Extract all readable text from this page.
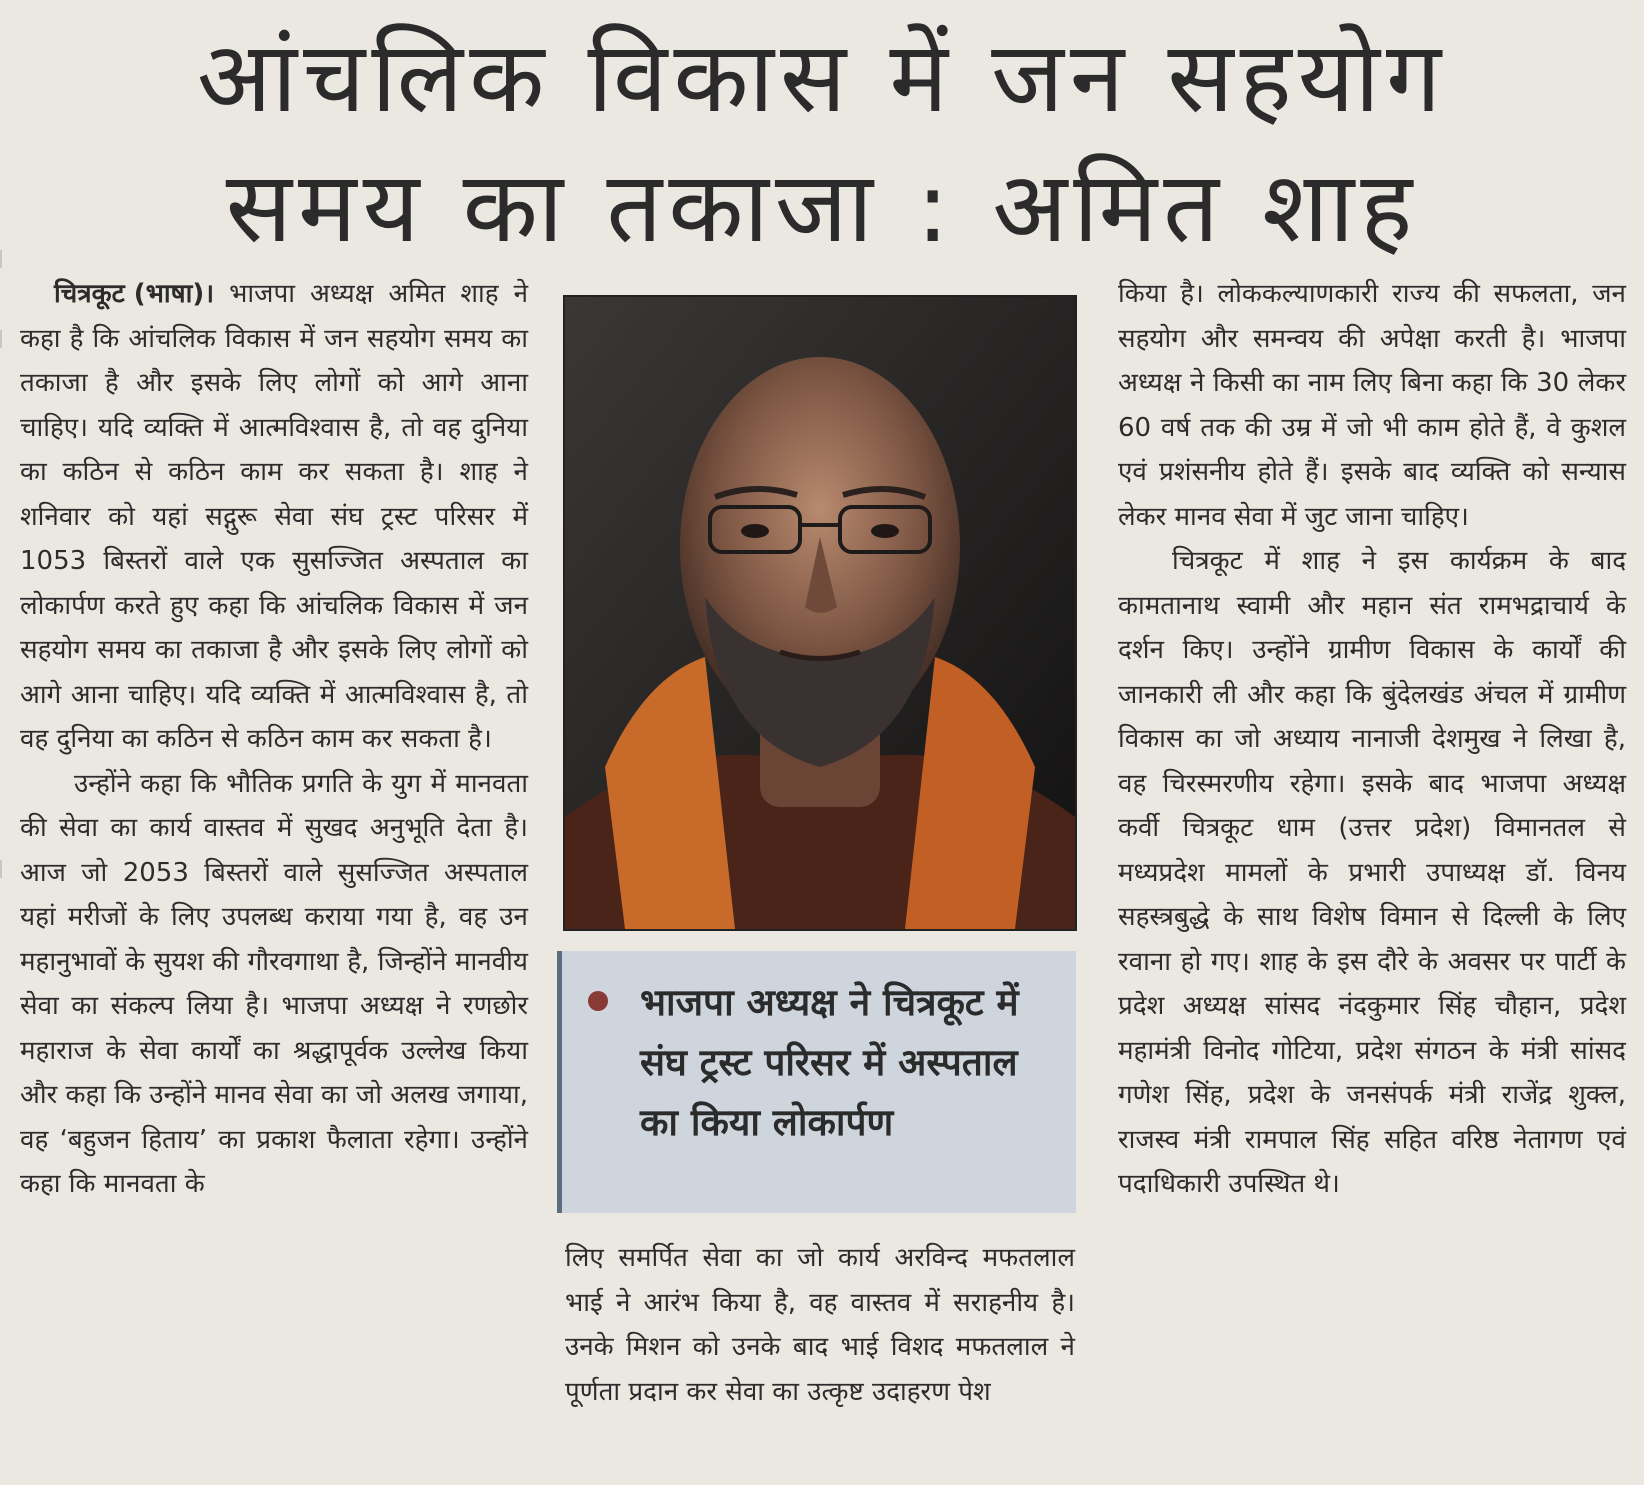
आंचलिक विकास में जन सहयोग
समय का तकाजा : अमित शाह

चित्रकूट (भाषा)। भाजपा अध्यक्ष अमित शाह ने कहा है कि आंचलिक विकास में जन सहयोग समय का तकाजा है और इसके लिए लोगों को आगे आना चाहिए। यदि व्यक्ति में आत्मविश्वास है, तो वह दुनिया का कठिन से कठिन काम कर सकता है। शाह ने शनिवार को यहां सद्गुरू सेवा संघ ट्रस्ट परिसर में 1053 बिस्तरों वाले एक सुसज्जित अस्पताल का लोकार्पण करते हुए कहा कि आंचलिक विकास में जन सहयोग समय का तकाजा है और इसके लिए लोगों को आगे आना चाहिए। यदि व्यक्ति में आत्मविश्वास है, तो वह दुनिया का कठिन से कठिन काम कर सकता है।

उन्होंने कहा कि भौतिक प्रगति के युग में मानवता की सेवा का कार्य वास्तव में सुखद अनुभूति देता है। आज जो 2053 बिस्तरों वाले सुसज्जित अस्पताल यहां मरीजों के लिए उपलब्ध कराया गया है, वह उन महानुभावों के सुयश की गौरवगाथा है, जिन्होंने मानवीय सेवा का संकल्प लिया है। भाजपा अध्यक्ष ने रणछोर महाराज के सेवा कार्यों का श्रद्धापूर्वक उल्लेख किया और कहा कि उन्होंने मानव सेवा का जो अलख जगाया, वह ‘बहुजन हिताय’ का प्रकाश फैलाता रहेगा। उन्होंने कहा कि मानवता के

भाजपा अध्यक्ष ने चित्रकूट में संघ ट्रस्ट परिसर में अस्पताल का किया लोकार्पण

लिए समर्पित सेवा का जो कार्य अरविन्द मफतलाल भाई ने आरंभ किया है, वह वास्तव में सराहनीय है। उनके मिशन को उनके बाद भाई विशद मफतलाल ने पूर्णता प्रदान कर सेवा का उत्कृष्ट उदाहरण पेश

किया है। लोककल्याणकारी राज्य की सफलता, जन सहयोग और समन्वय की अपेक्षा करती है। भाजपा अध्यक्ष ने किसी का नाम लिए बिना कहा कि 30 लेकर 60 वर्ष तक की उम्र में जो भी काम होते हैं, वे कुशल एवं प्रशंसनीय होते हैं। इसके बाद व्यक्ति को सन्यास लेकर मानव सेवा में जुट जाना चाहिए।

चित्रकूट में शाह ने इस कार्यक्रम के बाद कामतानाथ स्वामी और महान संत रामभद्राचार्य के दर्शन किए। उन्होंने ग्रामीण विकास के कार्यों की जानकारी ली और कहा कि बुंदेलखंड अंचल में ग्रामीण विकास का जो अध्याय नानाजी देशमुख ने लिखा है, वह चिरस्मरणीय रहेगा। इसके बाद भाजपा अध्यक्ष कर्वी चित्रकूट धाम (उत्तर प्रदेश) विमानतल से मध्यप्रदेश मामलों के प्रभारी उपाध्यक्ष डॉ. विनय सहस्त्रबुद्धे के साथ विशेष विमान से दिल्ली के लिए रवाना हो गए। शाह के इस दौरे के अवसर पर पार्टी के प्रदेश अध्यक्ष सांसद नंदकुमार सिंह चौहान, प्रदेश महामंत्री विनोद गोटिया, प्रदेश संगठन के मंत्री सांसद गणेश सिंह, प्रदेश के जनसंपर्क मंत्री राजेंद्र शुक्ल, राजस्व मंत्री रामपाल सिंह सहित वरिष्ठ नेतागण एवं पदाधिकारी उपस्थित थे।
